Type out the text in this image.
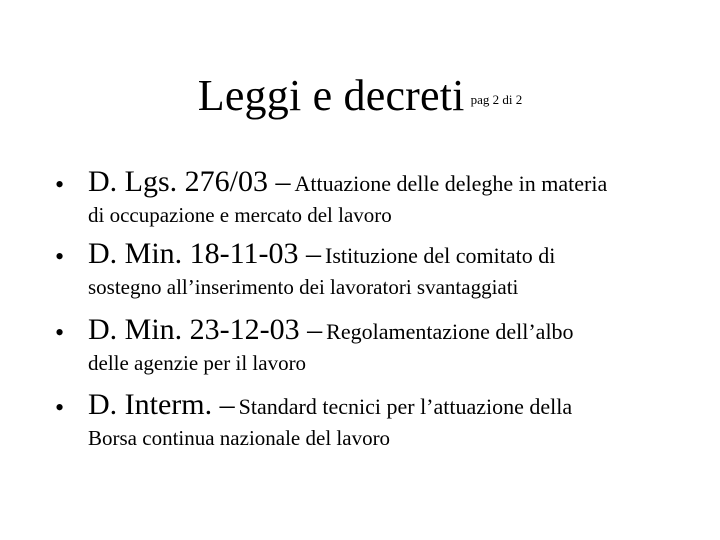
Leggi e decreti $^{pag 2 di 2}$
• D. Lgs. 276/03 – Attuazione delle deleghe in materia
di occupazione e mercato del lavoro
• D. Min. 18-11-03 – Istituzione del comitato di
sostegno all’inserimento dei lavoratori svantaggiati
• D. Min. 23-12-03 – Regolamentazione dell’albo
delle agenzie per il lavoro
• D. Interm. – Standard tecnici per l’attuazione della
Borsa continua nazionale del lavoro
